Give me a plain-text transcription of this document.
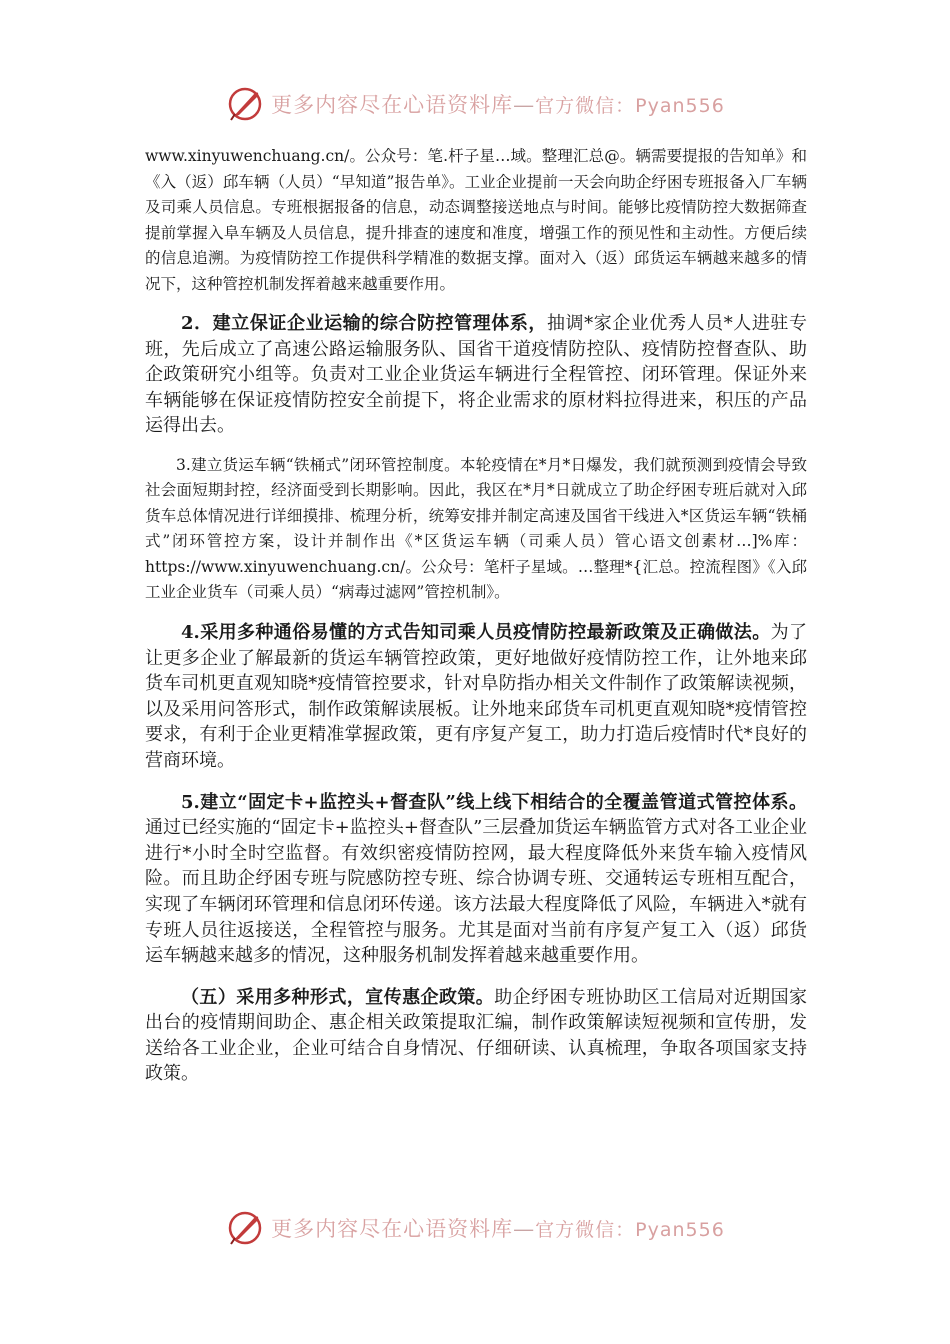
更多内容尽在心语资料库—官方微信：Pyan556

www.xinyuwenchuang.cn/。公众号：笔.杆子星…域。整理汇总@。辆需要提报的告知单》和《入（返）邱车辆（人员）“早知道”报告单》。工业企业提前一天会向助企纾困专班报备入厂车辆及司乘人员信息。专班根据报备的信息，动态调整接送地点与时间。能够比疫情防控大数据筛查提前掌握入阜车辆及人员信息，提升排查的速度和准度，增强工作的预见性和主动性。方便后续的信息追溯。为疫情防控工作提供科学精准的数据支撑。面对入（返）邱货运车辆越来越多的情况下，这种管控机制发挥着越来越重要作用。

2．建立保证企业运输的综合防控管理体系，抽调*家企业优秀人员*人进驻专班，先后成立了高速公路运输服务队、国省干道疫情防控队、疫情防控督查队、助企政策研究小组等。负责对工业企业货运车辆进行全程管控、闭环管理。保证外来车辆能够在保证疫情防控安全前提下，将企业需求的原材料拉得进来，积压的产品运得出去。

3.建立货运车辆“铁桶式”闭环管控制度。本轮疫情在*月*日爆发，我们就预测到疫情会导致社会面短期封控，经济面受到长期影响。因此，我区在*月*日就成立了助企纾困专班后就对入邱货车总体情况进行详细摸排、梳理分析，统筹安排并制定高速及国省干线进入*区货运车辆“铁桶式”闭环管控方案，设计并制作出《*区货运车辆（司乘人员）管心语文创素材…]%库：https://www.xinyuwenchuang.cn/。公众号：笔杆子星域。…整理*{汇总。控流程图》《入邱工业企业货车（司乘人员）“病毒过滤网”管控机制》。

4.采用多种通俗易懂的方式告知司乘人员疫情防控最新政策及正确做法。为了让更多企业了解最新的货运车辆管控政策，更好地做好疫情防控工作，让外地来邱货车司机更直观知晓*疫情管控要求，针对阜防指办相关文件制作了政策解读视频，以及采用问答形式，制作政策解读展板。让外地来邱货车司机更直观知晓*疫情管控要求，有利于企业更精准掌握政策，更有序复产复工，助力打造后疫情时代*良好的营商环境。

5.建立“固定卡+监控头+督查队”线上线下相结合的全覆盖管道式管控体系。通过已经实施的“固定卡+监控头+督查队”三层叠加货运车辆监管方式对各工业企业进行*小时全时空监督。有效织密疫情防控网，最大程度降低外来货车输入疫情风险。而且助企纾困专班与院感防控专班、综合协调专班、交通转运专班相互配合，实现了车辆闭环管理和信息闭环传递。该方法最大程度降低了风险，车辆进入*就有专班人员往返接送，全程管控与服务。尤其是面对当前有序复产复工入（返）邱货运车辆越来越多的情况，这种服务机制发挥着越来越重要作用。

（五）采用多种形式，宣传惠企政策。助企纾困专班协助区工信局对近期国家出台的疫情期间助企、惠企相关政策提取汇编，制作政策解读短视频和宣传册，发送给各工业企业，企业可结合自身情况、仔细研读、认真梳理，争取各项国家支持政策。

更多内容尽在心语资料库—官方微信：Pyan556
